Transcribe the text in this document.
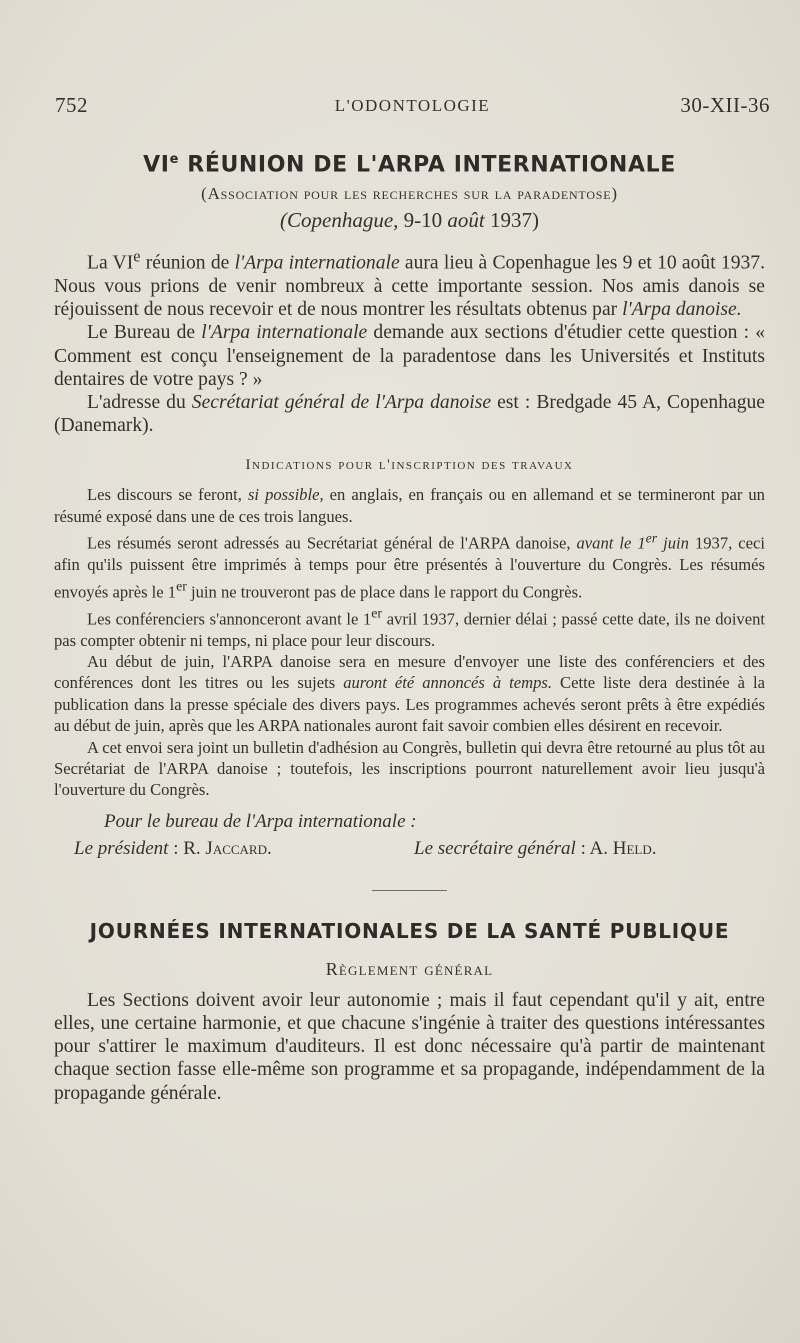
752	L'ODONTOLOGIE	30-XII-36
VIe RÉUNION DE L'ARPA INTERNATIONALE
(Association pour les recherches sur la paradentose)
(Copenhague, 9-10 août 1937)

La VIe réunion de l'Arpa internationale aura lieu à Copenhague les 9 et 10 août 1937. Nous vous prions de venir nombreux à cette importante session. Nos amis danois se réjouissent de nous recevoir et de nous montrer les résultats obtenus par l'Arpa danoise.

Le Bureau de l'Arpa internationale demande aux sections d'étudier cette question : « Comment est conçu l'enseignement de la paradentose dans les Universités et Instituts dentaires de votre pays ? »

L'adresse du Secrétariat général de l'Arpa danoise est : Bredgade 45 A, Copenhague (Danemark).

Indications pour l'inscription des travaux

Les discours se feront, si possible, en anglais, en français ou en allemand et se termineront par un résumé exposé dans une de ces trois langues.

Les résumés seront adressés au Secrétariat général de l'ARPA danoise, avant le 1er juin 1937, ceci afin qu'ils puissent être imprimés à temps pour être présentés à l'ouverture du Congrès. Les résumés envoyés après le 1er juin ne trouveront pas de place dans le rapport du Congrès.

Les conférenciers s'annonceront avant le 1er avril 1937, dernier délai ; passé cette date, ils ne doivent pas compter obtenir ni temps, ni place pour leur discours.

Au début de juin, l'ARPA danoise sera en mesure d'envoyer une liste des conférenciers et des conférences dont les titres ou les sujets auront été annoncés à temps. Cette liste dera destinée à la publication dans la presse spéciale des divers pays. Les programmes achevés seront prêts à être expédiés au début de juin, après que les ARPA nationales auront fait savoir combien elles désirent en recevoir.

A cet envoi sera joint un bulletin d'adhésion au Congrès, bulletin qui devra être retourné au plus tôt au Secrétariat de l'ARPA danoise ; toutefois, les inscriptions pourront naturellement avoir lieu jusqu'à l'ouverture du Congrès.

Pour le bureau de l'Arpa internationale :
Le président : R. Jaccard.	Le secrétaire général : A. Held.
JOURNÉES INTERNATIONALES DE LA SANTÉ PUBLIQUE
Règlement général

Les Sections doivent avoir leur autonomie ; mais il faut cependant qu'il y ait, entre elles, une certaine harmonie, et que chacune s'ingénie à traiter des questions intéressantes pour s'attirer le maximum d'auditeurs. Il est donc nécessaire qu'à partir de maintenant chaque section fasse elle-même son programme et sa propagande, indépendamment de la propagande générale.
